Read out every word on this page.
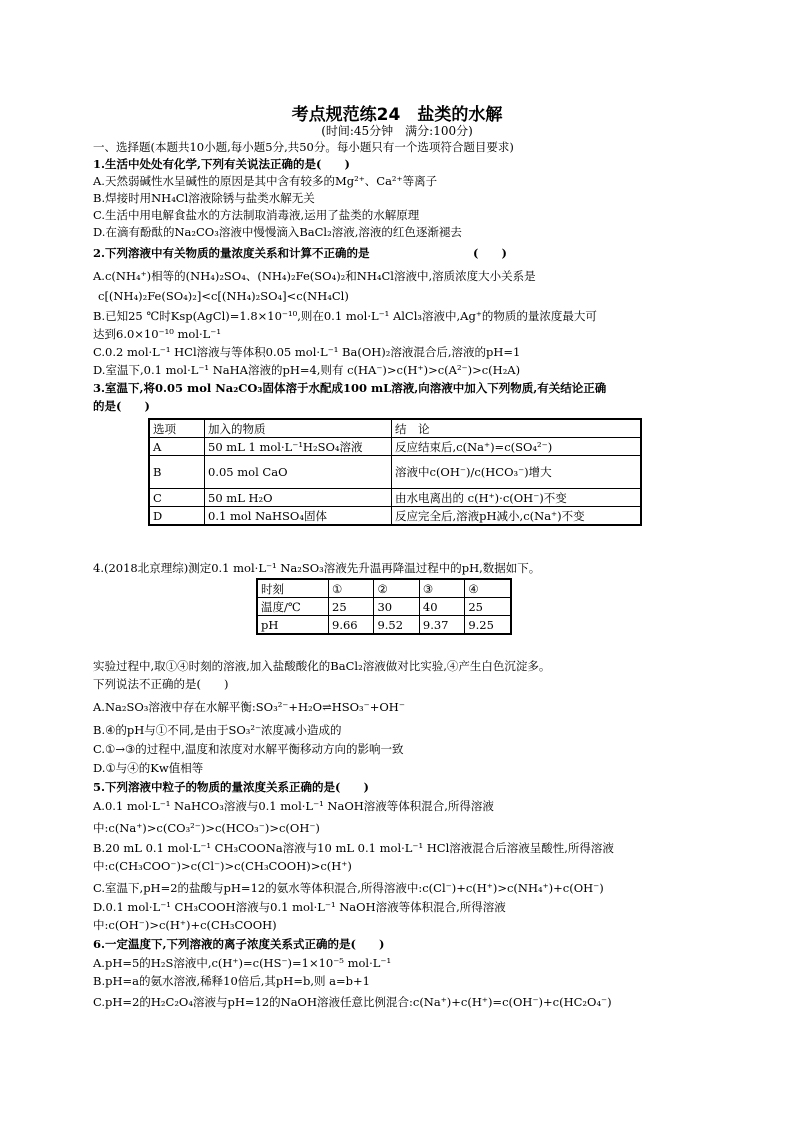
考点规范练24　盐类的水解
(时间:45分钟　满分:100分)
一、选择题(本题共10小题,每小题5分,共50分。每小题只有一个选项符合题目要求)
1.生活中处处有化学,下列有关说法正确的是(　　)
A.天然弱碱性水呈碱性的原因是其中含有较多的Mg²⁺、Ca²⁺等离子
B.焊接时用NH₄Cl溶液除锈与盐类水解无关
C.生活中用电解食盐水的方法制取消毒液,运用了盐类的水解原理
D.在滴有酚酞的Na₂CO₃溶液中慢慢滴入BaCl₂溶液,溶液的红色逐渐褪去
2.下列溶液中有关物质的量浓度关系和计算不正确的是　　　　　　　　　(　　)
A.c(NH₄⁺)相等的(NH₄)₂SO₄、(NH₄)₂Fe(SO₄)₂和NH₄Cl溶液中,溶质浓度大小关系是
c[(NH₄)₂Fe(SO₄)₂]<c[(NH₄)₂SO₄]<c(NH₄Cl)
B.已知25 ℃时Ksp(AgCl)=1.8×10⁻¹⁰,则在0.1 mol·L⁻¹ AlCl₃溶液中,Ag⁺的物质的量浓度最大可
达到6.0×10⁻¹⁰ mol·L⁻¹
C.0.2 mol·L⁻¹ HCl溶液与等体积0.05 mol·L⁻¹ Ba(OH)₂溶液混合后,溶液的pH=1
D.室温下,0.1 mol·L⁻¹ NaHA溶液的pH=4,则有 c(HA⁻)>c(H⁺)>c(A²⁻)>c(H₂A)
3.室温下,将0.05 mol Na₂CO₃固体溶于水配成100 mL溶液,向溶液中加入下列物质,有关结论正确
的是(　　)
选项	加入的物质	结　论
A	50 mL 1 mol·L⁻¹H₂SO₄溶液	反应结束后,c(Na⁺)=c(SO₄²⁻)
B	0.05 mol CaO	溶液中c(OH⁻)/c(HCO₃⁻)增大
C	50 mL H₂O	由水电离出的 c(H⁺)·c(OH⁻)不变
D	0.1 mol NaHSO₄固体	反应完全后,溶液pH减小,c(Na⁺)不变
4.(2018北京理综)测定0.1 mol·L⁻¹ Na₂SO₃溶液先升温再降温过程中的pH,数据如下。
时刻	①	②	③	④
温度/℃	25	30	40	25
pH	9.66	9.52	9.37	9.25
实验过程中,取①④时刻的溶液,加入盐酸酸化的BaCl₂溶液做对比实验,④产生白色沉淀多。
下列说法不正确的是(　　)
A.Na₂SO₃溶液中存在水解平衡:SO₃²⁻+H₂O⇌HSO₃⁻+OH⁻
B.④的pH与①不同,是由于SO₃²⁻浓度减小造成的
C.①→③的过程中,温度和浓度对水解平衡移动方向的影响一致
D.①与④的Kw值相等
5.下列溶液中粒子的物质的量浓度关系正确的是(　　)
A.0.1 mol·L⁻¹ NaHCO₃溶液与0.1 mol·L⁻¹ NaOH溶液等体积混合,所得溶液
中:c(Na⁺)>c(CO₃²⁻)>c(HCO₃⁻)>c(OH⁻)
B.20 mL 0.1 mol·L⁻¹ CH₃COONa溶液与10 mL 0.1 mol·L⁻¹ HCl溶液混合后溶液呈酸性,所得溶液
中:c(CH₃COO⁻)>c(Cl⁻)>c(CH₃COOH)>c(H⁺)
C.室温下,pH=2的盐酸与pH=12的氨水等体积混合,所得溶液中:c(Cl⁻)+c(H⁺)>c(NH₄⁺)+c(OH⁻)
D.0.1 mol·L⁻¹ CH₃COOH溶液与0.1 mol·L⁻¹ NaOH溶液等体积混合,所得溶液
中:c(OH⁻)>c(H⁺)+c(CH₃COOH)
6.一定温度下,下列溶液的离子浓度关系式正确的是(　　)
A.pH=5的H₂S溶液中,c(H⁺)=c(HS⁻)=1×10⁻⁵ mol·L⁻¹
B.pH=a的氨水溶液,稀释10倍后,其pH=b,则 a=b+1
C.pH=2的H₂C₂O₄溶液与pH=12的NaOH溶液任意比例混合:c(Na⁺)+c(H⁺)=c(OH⁻)+c(HC₂O₄⁻)
